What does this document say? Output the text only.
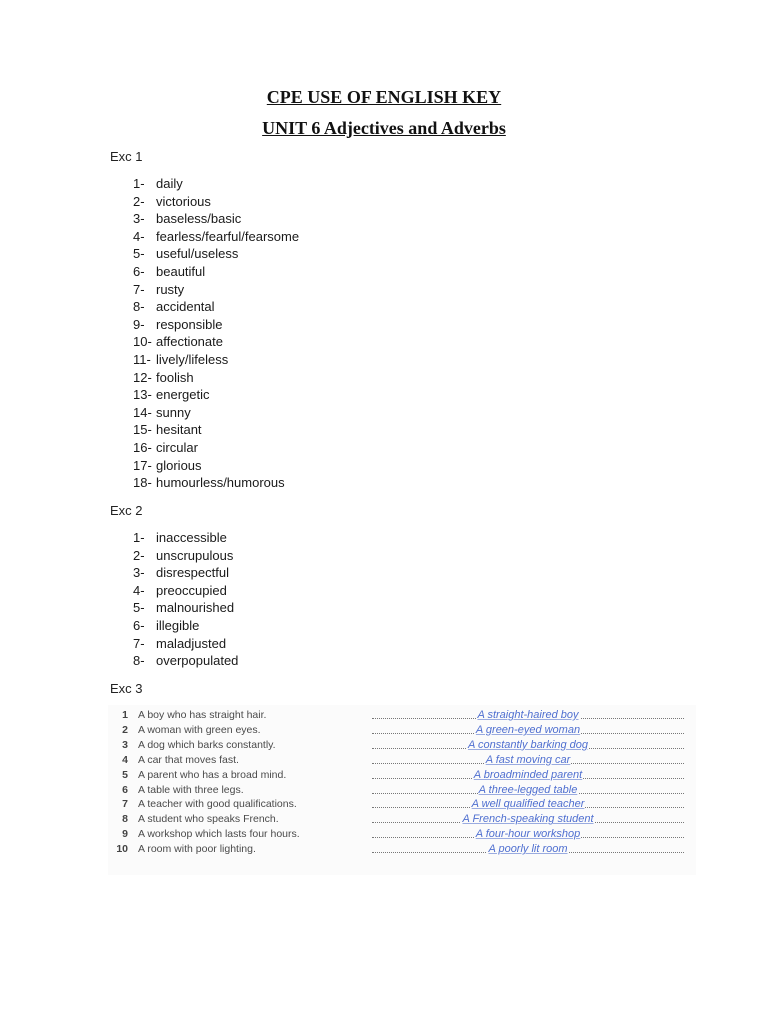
CPE USE OF ENGLISH KEY
UNIT 6 Adjectives and Adverbs
Exc 1
1- daily
2- victorious
3- baseless/basic
4- fearless/fearful/fearsome
5- useful/useless
6- beautiful
7- rusty
8- accidental
9- responsible
10- affectionate
11- lively/lifeless
12- foolish
13- energetic
14- sunny
15- hesitant
16- circular
17- glorious
18- humourless/humorous
Exc 2
1- inaccessible
2- unscrupulous
3- disrespectful
4- preoccupied
5- malnourished
6- illegible
7- maladjusted
8- overpopulated
Exc 3
1 A boy who has straight hair.	A straight-haired boy
2 A woman with green eyes.	A green-eyed woman
3 A dog which barks constantly.	A constantly barking dog
4 A car that moves fast.	A fast moving car
5 A parent who has a broad mind.	A broadminded parent
6 A table with three legs.	A three-legged table
7 A teacher with good qualifications.	A well qualified teacher
8 A student who speaks French.	A French-speaking student
9 A workshop which lasts four hours.	A four-hour workshop
10 A room with poor lighting.	A poorly lit room
